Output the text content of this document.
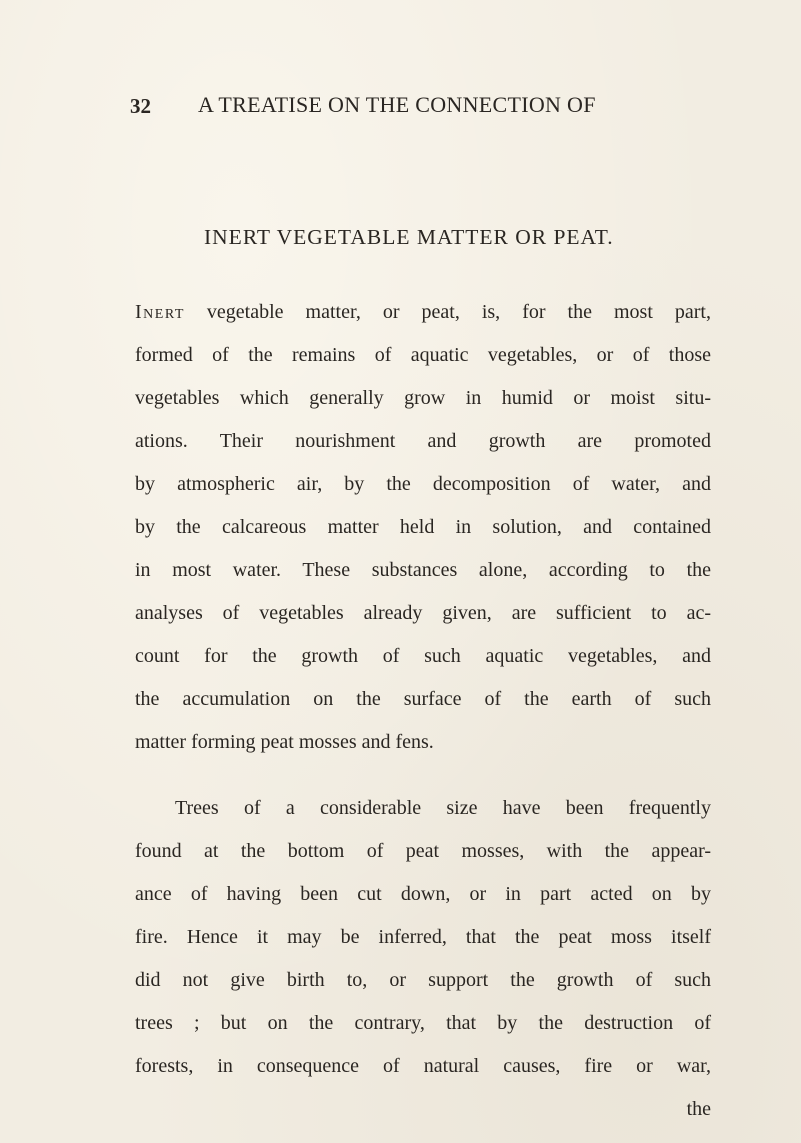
32 A TREATISE ON THE CONNECTION OF
INERT VEGETABLE MATTER OR PEAT.
Inert vegetable matter, or peat, is, for the most part,
formed of the remains of aquatic vegetables, or of those
vegetables which generally grow in humid or moist situ-
ations. Their nourishment and growth are promoted
by atmospheric air, by the decomposition of water, and
by the calcareous matter held in solution, and contained
in most water. These substances alone, according to the
analyses of vegetables already given, are sufficient to ac-
count for the growth of such aquatic vegetables, and
the accumulation on the surface of the earth of such
matter forming peat mosses and fens.
Trees of a considerable size have been frequently
found at the bottom of peat mosses, with the appear-
ance of having been cut down, or in part acted on by
fire. Hence it may be inferred, that the peat moss itself
did not give birth to, or support the growth of such
trees ; but on the contrary, that by the destruction of
forests, in consequence of natural causes, fire or war,
the
